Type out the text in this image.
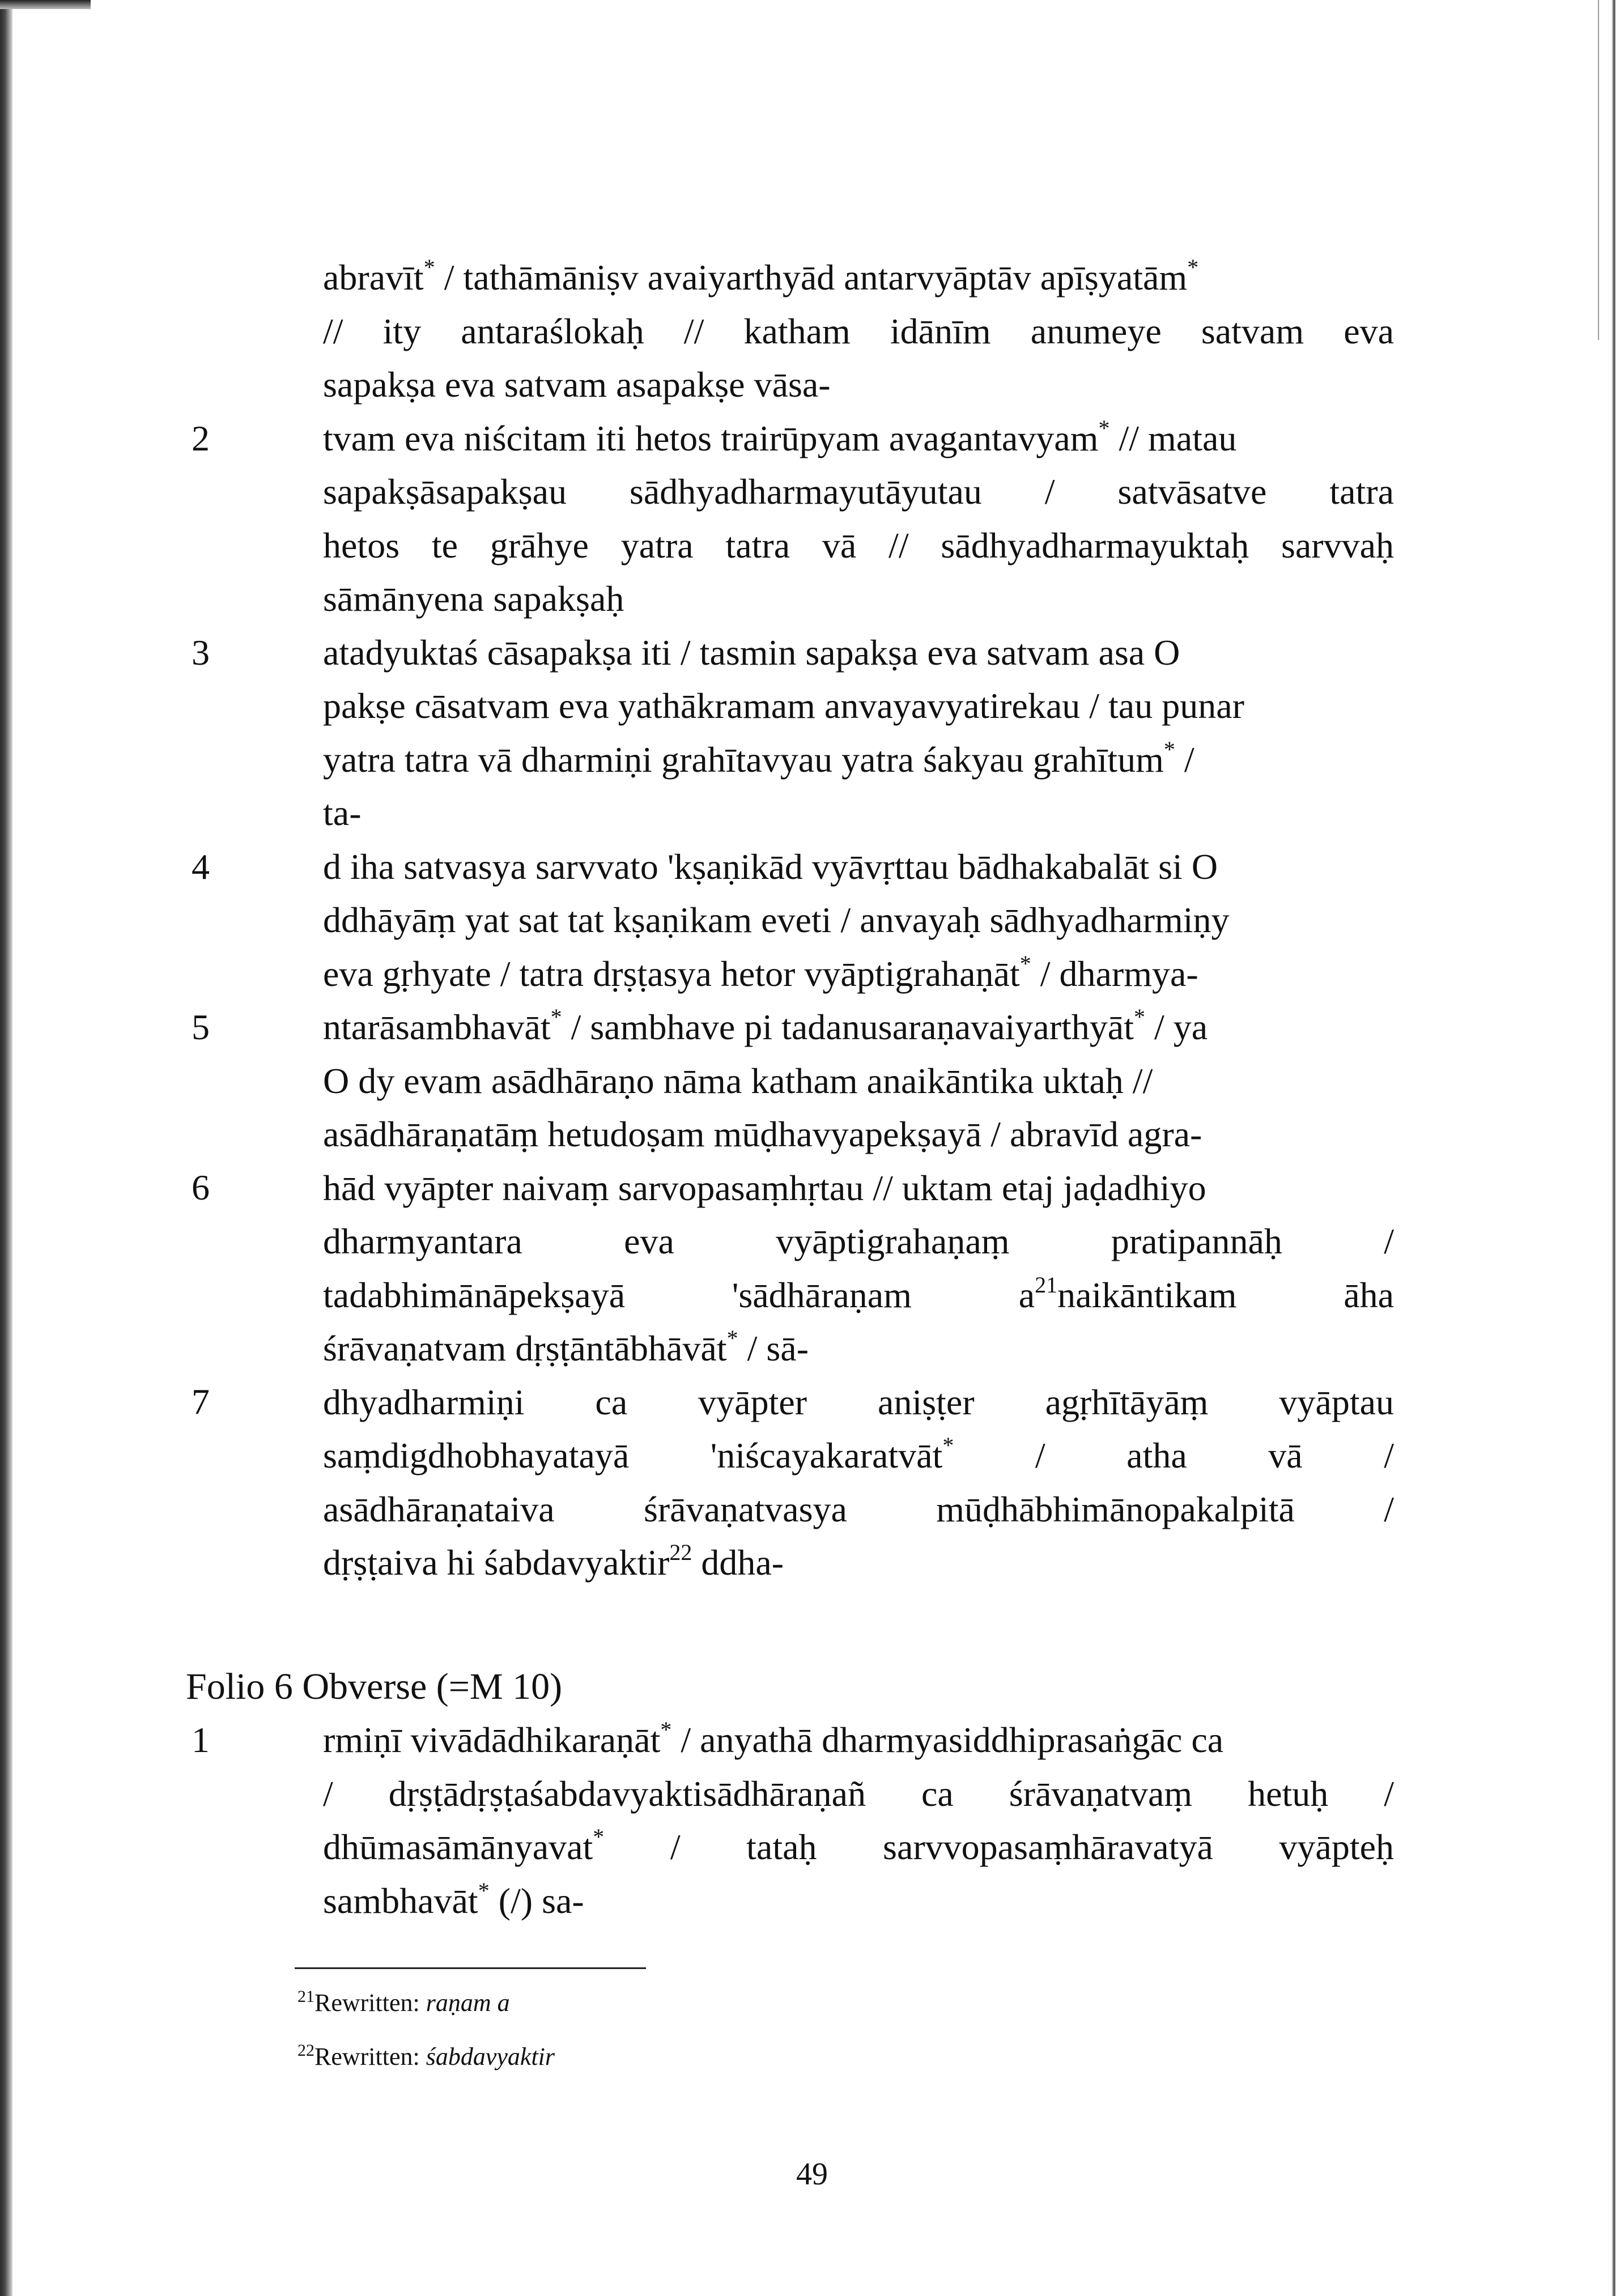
2
3
4
5
6
7
abravīt* / tathāmāniṣv avaiyarthyād antarvyāptāv apīṣyatām*
// ity antaraślokaḥ // katham idānīm anumeye satvam eva
sapakṣa eva satvam asapakṣe vāsa-
tvam eva niścitam iti hetos trairūpyam avagantavyam* // matau
sapakṣāsapakṣau sādhyadharmayutāyutau / satvāsatve tatra
hetos te grāhye yatra tatra vā // sādhyadharmayuktaḥ sarvvaḥ
sāmānyena sapakṣaḥ
atadyuktaś cāsapakṣa iti / tasmin sapakṣa eva satvam asa O
pakṣe cāsatvam eva yathākramam anvayavyatirekau / tau punar
yatra tatra vā dharmiṇi grahītavyau yatra śakyau grahītum* /
ta-
d iha satvasya sarvvato 'kṣaṇikād vyāvṛttau bādhakabalāt si O
ddhāyāṃ yat sat tat kṣaṇikam eveti / anvayaḥ sādhyadharmiṇy
eva gṛhyate / tatra dṛṣṭasya hetor vyāptigrahaṇāt* / dharmya-
ntarāsambhavāt* / sambhave pi tadanusaraṇavaiyarthyāt* / ya
O dy evam asādhāraṇo nāma katham anaikāntika uktaḥ //
asādhāraṇatāṃ hetudoṣam mūḍhavyapekṣayā / abravīd agra-
hād vyāpter naivaṃ sarvopasaṃhṛtau // uktam etaj jaḍadhiyo
dharmyantara eva vyāptigrahaṇaṃ pratipannāḥ /
tadabhimānāpekṣayā 'sādhāraṇam $a^{21}naikāntikam$ āha
śrāvaṇatvam dṛṣṭāntābhāvāt* / sā-
dhyadharmiṇi ca vyāpter aniṣṭer agṛhītāyāṃ vyāptau
saṃdigdhobhayatayā 'niścayakaratvāt* / atha vā /
asādhāraṇataiva śrāvaṇatvasya mūḍhābhimānopakalpitā /
dṛṣṭaiva hi śabdavyaktir$^{22}$ ddha-
Folio 6 Obverse (=M 10)
1	rmiṇī vivādādhikaraṇāt* / anyathā dharmyasiddhiprasaṅgāc ca
/ dṛṣṭādṛṣṭaśabdavyaktisādhāraṇañ ca śrāvaṇatvaṃ hetuḥ /
dhūmasāmānyavat* / tataḥ sarvvopasaṃhāravatyā vyāpteḥ
sambhavāt* (/) sa-
$^{21}$Rewritten: raṇam a
$^{22}$Rewritten: śabdavyaktir
49
